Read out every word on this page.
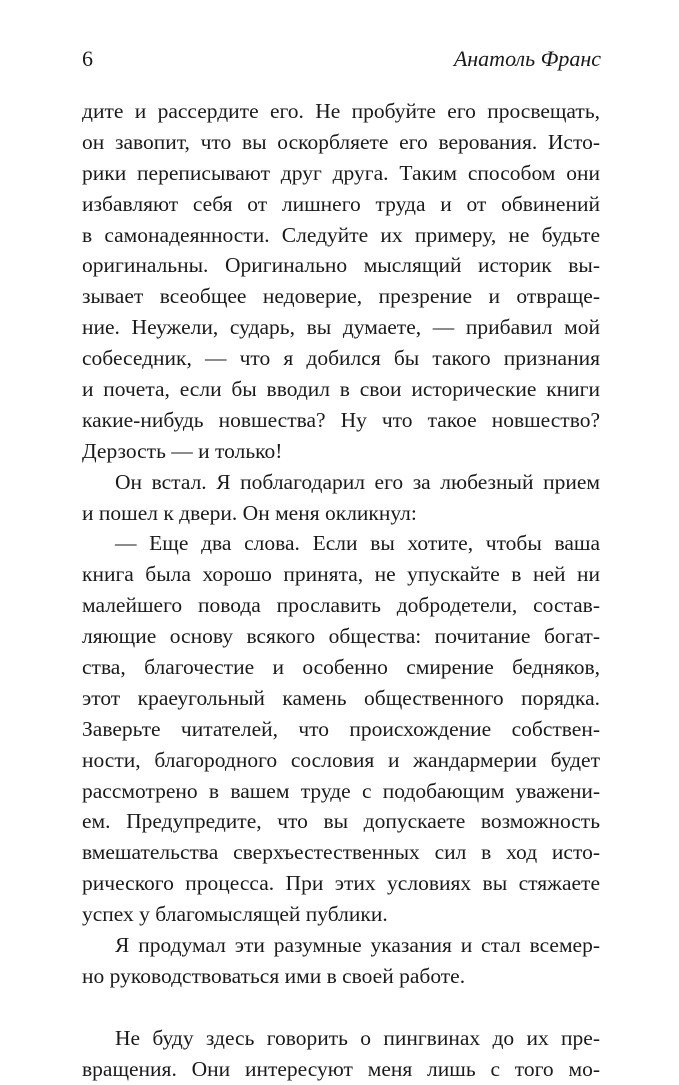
6	Анатоль Франс
дите и рассердите его. Не пробуйте его просвещать,
он завопит, что вы оскорбляете его верования. Исто-
рики переписывают друг друга. Таким способом они
избавляют себя от лишнего труда и от обвинений
в самонадеянности. Следуйте их примеру, не будьте
оригинальны. Оригинально мыслящий историк вы-
зывает всеобщее недоверие, презрение и отвраще-
ние. Неужели, сударь, вы думаете, — прибавил мой
собеседник, — что я добился бы такого признания
и почета, если бы вводил в свои исторические книги
какие-нибудь новшества? Ну что такое новшество?
Дерзость — и только!
Он встал. Я поблагодарил его за любезный прием
и пошел к двери. Он меня окликнул:
— Еще два слова. Если вы хотите, чтобы ваша
книга была хорошо принята, не упускайте в ней ни
малейшего повода прославить добродетели, состав-
ляющие основу всякого общества: почитание богат-
ства, благочестие и особенно смирение бедняков,
этот краеугольный камень общественного порядка.
Заверьте читателей, что происхождение собствен-
ности, благородного сословия и жандармерии будет
рассмотрено в вашем труде с подобающим уважени-
ем. Предупредите, что вы допускаете возможность
вмешательства сверхъестественных сил в ход исто-
рического процесса. При этих условиях вы стяжаете
успех у благомыслящей публики.
Я продумал эти разумные указания и стал всемер-
но руководствоваться ими в своей работе.
Не буду здесь говорить о пингвинах до их пре-
вращения. Они интересуют меня лишь с того мо-
